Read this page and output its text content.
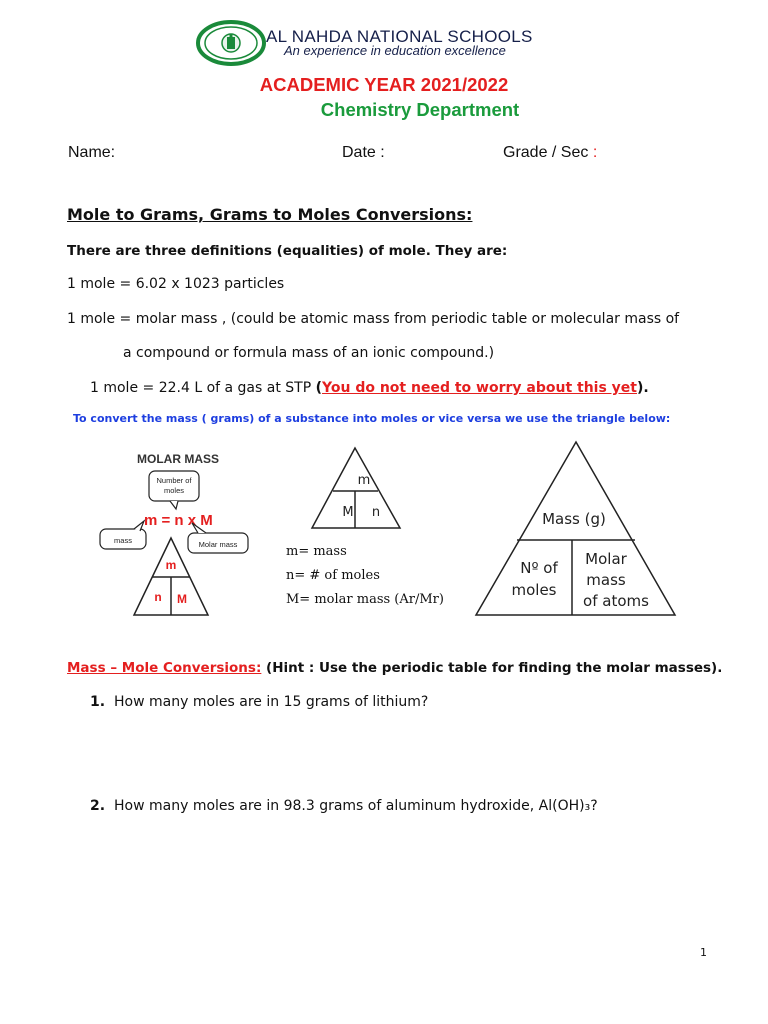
AL NAHDA NATIONAL SCHOOLS
An experience in education excellence
ACADEMIC YEAR 2021/2022
Chemistry Department
Name:	Date :	Grade / Sec :
Mole to Grams, Grams to Moles Conversions:
There are three definitions (equalities) of mole. They are:
1 mole = 6.02 x 1023 particles
1 mole = molar mass , (could be atomic mass from periodic table or molecular mass of
a compound or formula mass of an ionic compound.)
1 mole = 22.4 L of a gas at STP (You do not need to worry about this yet).
To convert the mass ( grams) of a substance into moles or vice versa we use the triangle below:
MOLAR MASS
Number of
moles
m = n x M
mass	Molar mass
m
n M
m
M n
m= mass
n= # of moles
M= molar mass (Ar/Mr)
Mass (g)
Nº of
moles
Molar
mass
of atoms
Mass – Mole Conversions: (Hint : Use the periodic table for finding the molar masses).
1. How many moles are in 15 grams of lithium?
2. How many moles are in 98.3 grams of aluminum hydroxide, Al(OH)₃?
1
